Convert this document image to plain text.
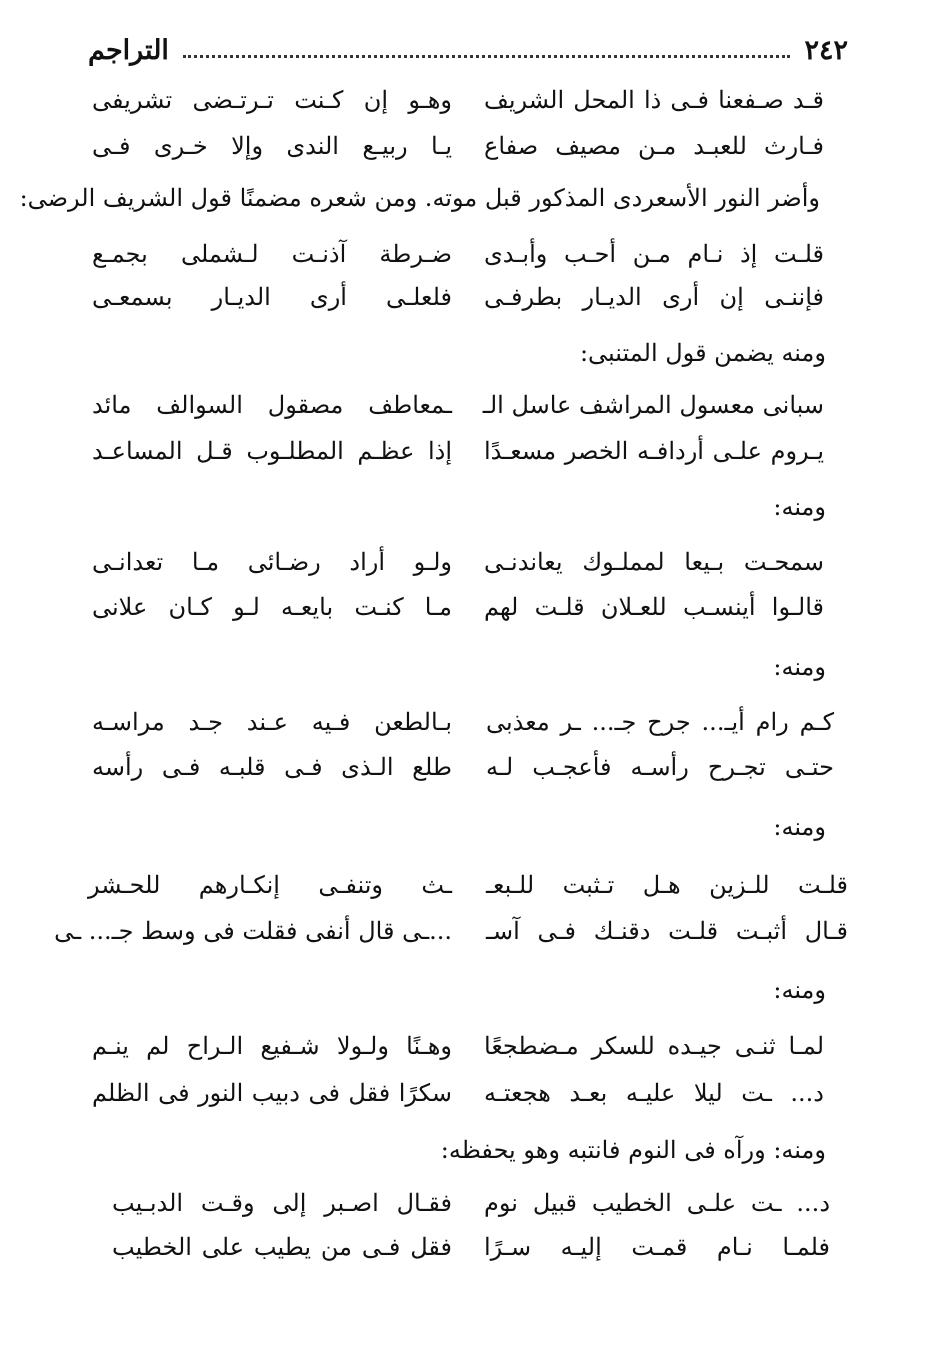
٢٤٢
التراجم
قـد صـفعنا فـى ذا المحل الشريف
وهـو إن كـنت تـرتـضى تشريفى
فـارث للعبـد مـن مصيف صفاع
يـا ربيـع الندى وإلا خـرى فـى
وأضر النور الأسعردى المذكور قبل موته. ومن شعره مضمنًا قول الشريف الرضى:
قلـت إذ نـام مـن أحـب وأبـدى
ضـرطة آذنـت لـشملى بجمـع
فإننـى إن أرى الديـار بطرفـى
فلعلـى أرى الديـار بسمعـى
ومنه يضمن قول المتنبى:
سبانى معسول المراشف عاسل الـ
ـمعاطف مصقول السوالف مائد
يـروم علـى أردافـه الخصر مسعـدًا
إذا عظـم المطلـوب قـل المساعـد
ومنه:
سمحـت بـيعا لمملـوك يعاندنـى
ولـو أراد رضـائى مـا تعدانـى
قالـوا أينسـب للعـلان قلـت لهم
مـا كنـت بايعـه لـو كـان علانى
ومنه:
كـم رام أيـ... جرح جـ... ـر معذبى
بـالطعن فـيه عـند جـد مراسـه
حتـى تجـرح رأسـه فأعجـب لـه
طلع الـذى فـى قلبـه فـى رأسه
ومنه:
قلـت للـزين هـل تـثبت للـبعـ
ـث وتنفـى إنكـارهم للحـشر
قـال أثبـت قلـت دقنـك فـى آسـ
...ـى قال أنفى فقلت فى وسط جـ... ـى
ومنه:
لمـا ثنـى جيـده للسكر مـضطجعًا
وهـنًا ولـولا شـفيع الـراح لم ينـم
د... ـت ليلا عليـه بعـد هجعتـه
سكرًا فقل فى دبيب النور فى الظلم
ومنه: ورآه فى النوم فانتبه وهو يحفظه:
د... ـت علـى الخطيب قبيل نوم
فقـال اصـبر إلى وقـت الدبـيب
فلمـا نـام قمـت إليـه سـرًا
فقل فـى من يطيب على الخطيب
